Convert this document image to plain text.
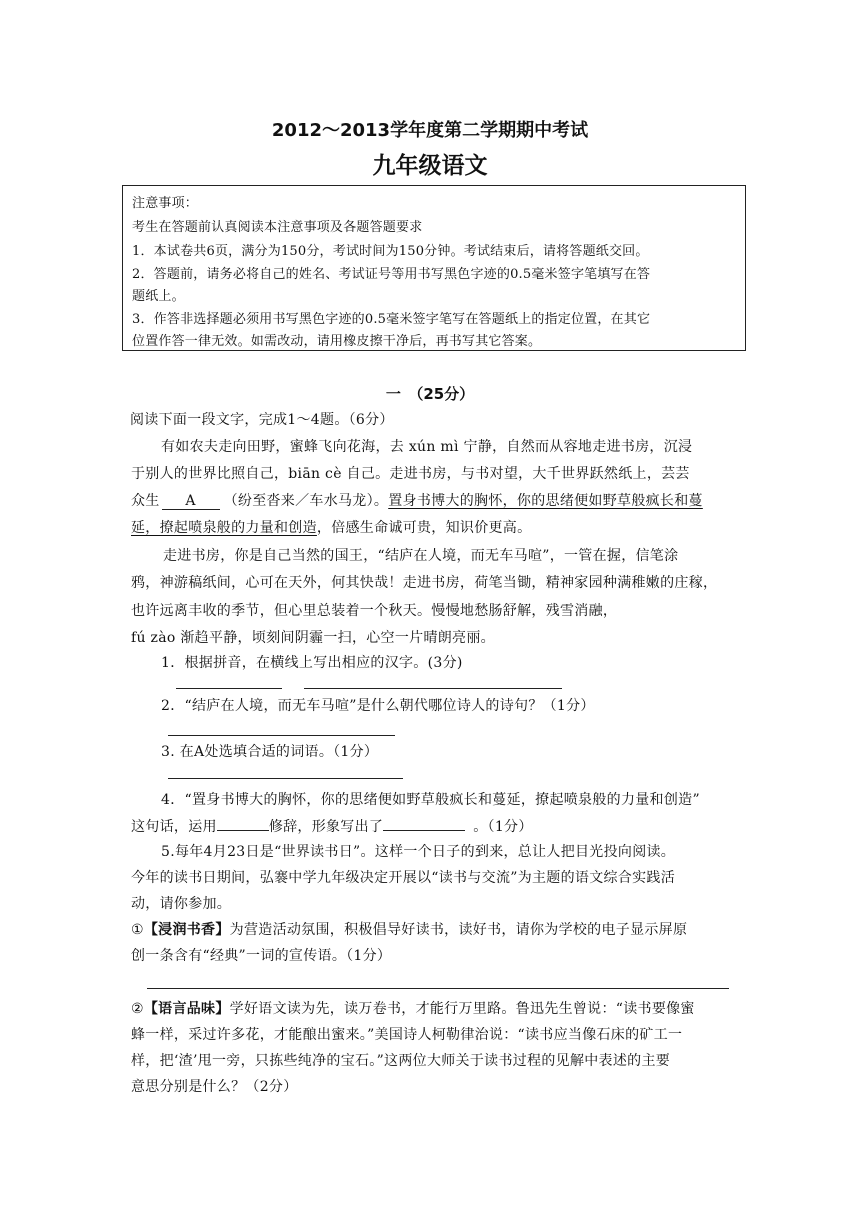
2012～2013学年度第二学期期中考试
九年级语文
注意事项：
考生在答题前认真阅读本注意事项及各题答题要求
1．本试卷共6页，满分为150分，考试时间为150分钟。考试结束后，请将答题纸交回。
2．答题前，请务必将自己的姓名、考试证号等用书写黑色字迹的0.5毫米签字笔填写在答
题纸上。
3．作答非选择题必须用书写黑色字迹的0.5毫米签字笔写在答题纸上的指定位置，在其它
位置作答一律无效。如需改动，请用橡皮擦干净后，再书写其它答案。
一　（25分）
阅读下面一段文字，完成1～4题。（6分）
有如农夫走向田野，蜜蜂飞向花海，去 xún mì 宁静，自然而从容地走进书房，沉浸
于别人的世界比照自己，biān cè 自己。走进书房，与书对望，大千世界跃然纸上，芸芸
众生 A （纷至沓来／车水马龙）。置身书博大的胸怀，你的思绪便如野草般疯长和蔓
延，撩起喷泉般的力量和创造，倍感生命诚可贵，知识价更高。
走进书房，你是自己当然的国王，“结庐在人境，而无车马喧”，一管在握，信笔涂
鸦，神游稿纸间，心可在天外，何其快哉！走进书房，荷笔当锄，精神家园种满稚嫩的庄稼，
也许远离丰收的季节，但心里总装着一个秋天。慢慢地愁肠舒解，残雪消融，
fú zào 渐趋平静，顷刻间阴霾一扫，心空一片晴朗亮丽。
1．根据拼音，在横线上写出相应的汉字。(3分)
2．“结庐在人境，而无车马喧”是什么朝代哪位诗人的诗句？（1分）
3. 在A处选填合适的词语。（1分）
4．“置身书博大的胸怀，你的思绪便如野草般疯长和蔓延，撩起喷泉般的力量和创造”
这句话，运用	修辞，形象写出了	。（1分）
5.每年4月23日是“世界读书日”。这样一个日子的到来，总让人把目光投向阅读。
今年的读书日期间，弘褰中学九年级决定开展以“读书与交流”为主题的语文综合实践活
动，请你参加。
①【浸润书香】为营造活动氛围，积极倡导好读书，读好书，请你为学校的电子显示屏原
创一条含有“经典”一词的宣传语。（1分）
②【语言品味】学好语文读为先，读万卷书，才能行万里路。鲁迅先生曾说：“读书要像蜜
蜂一样，采过许多花，才能酿出蜜来。”美国诗人柯勒律治说：“读书应当像石床的矿工一
样，把‘渣’甩一旁，只拣些纯净的宝石。”这两位大师关于读书过程的见解中表述的主要
意思分别是什么？（2分）
